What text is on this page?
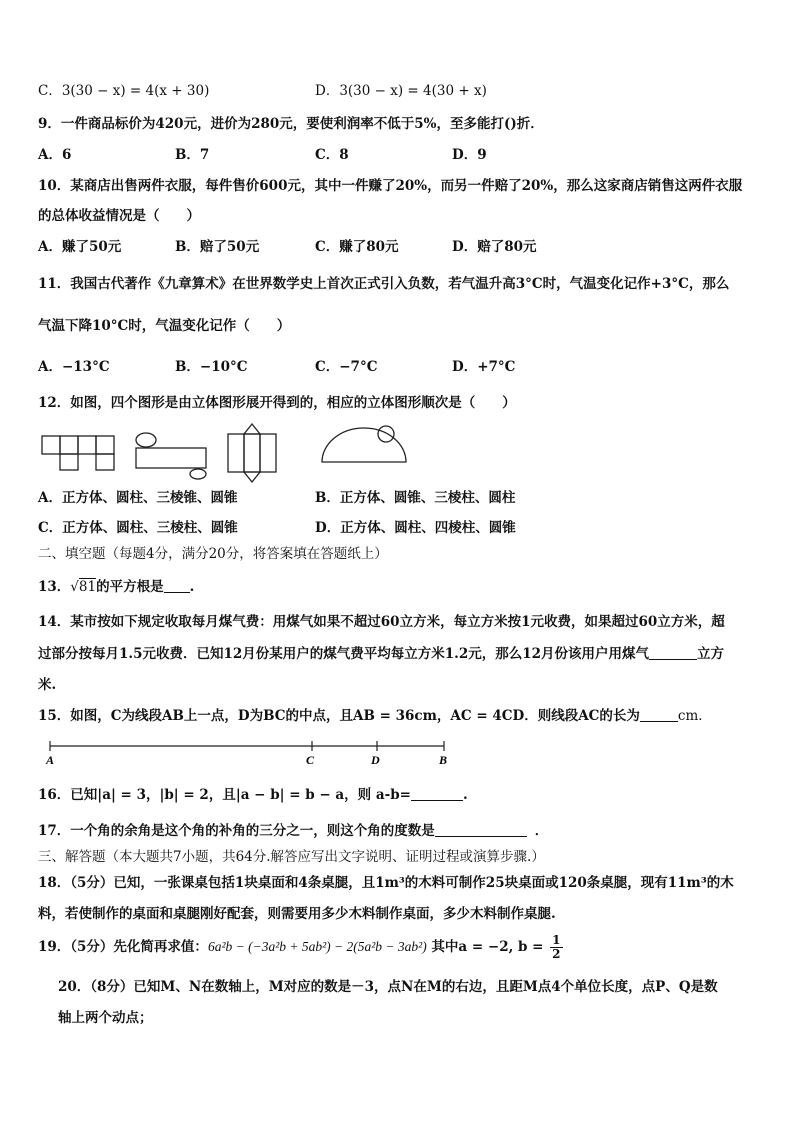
C．3(30 − x) = 4(x + 30)	D．3(30 − x) = 4(30 + x)
9．一件商品标价为420元，进价为280元，要使利润率不低于5%，至多能打()折．
A．6	B．7	C．8	D．9
10．某商店出售两件衣服，每件售价600元，其中一件赚了20%，而另一件赔了20%，那么这家商店销售这两件衣服
的总体收益情况是（　　）
A．赚了50元	B．赔了50元	C．赚了80元	D．赔了80元
11．我国古代著作《九章算术》在世界数学史上首次正式引入负数，若气温升高3°C时，气温变化记作+3°C，那么
气温下降10°C时，气温变化记作（　　）
A．−13°C	B．−10°C	C．−7°C	D．+7°C
12．如图，四个图形是由立体图形展开得到的，相应的立体图形顺次是（　　）
A．正方体、圆柱、三棱锥、圆锥	B．正方体、圆锥、三棱柱、圆柱
C．正方体、圆柱、三棱柱、圆锥	D．正方体、圆柱、四棱柱、圆锥
二、填空题（每题4分，满分20分，将答案填在答题纸上）
13．√81的平方根是 .
14．某市按如下规定收取每月煤气费：用煤气如果不超过60立方米，每立方米按1元收费，如果超过60立方米，超
过部分按每月1.5元收费．已知12月份某用户的煤气费平均每立方米1.2元，那么12月份该用户用煤气	立方
米.
15．如图，C为线段AB上一点，D为BC的中点，且AB = 36cm，AC = 4CD．则线段AC的长为	cm．
A	C	D	B
16．已知|a| = 3，|b| = 2，且|a − b| = b − a，则 a-b=	.
17．一个角的余角是这个角的补角的三分之一，则这个角的度数是	．
三、解答题（本大题共7小题，共64分.解答应写出文字说明、证明过程或演算步骤.）
18．（5分）已知，一张课桌包括1块桌面和4条桌腿，且1m³的木料可制作25块桌面或120条桌腿，现有11m³的木
料，若使制作的桌面和桌腿刚好配套，则需要用多少木料制作桌面，多少木料制作桌腿.
19．（5分）先化简再求值：6a²b − (−3a²b + 5ab²) − 2(5a²b − 3ab²) 其中a = −2, $b = \frac{1}{2}$
20．（8分）已知M、N在数轴上，M对应的数是－3，点N在M的右边，且距M点4个单位长度，点P、Q是数
轴上两个动点；
